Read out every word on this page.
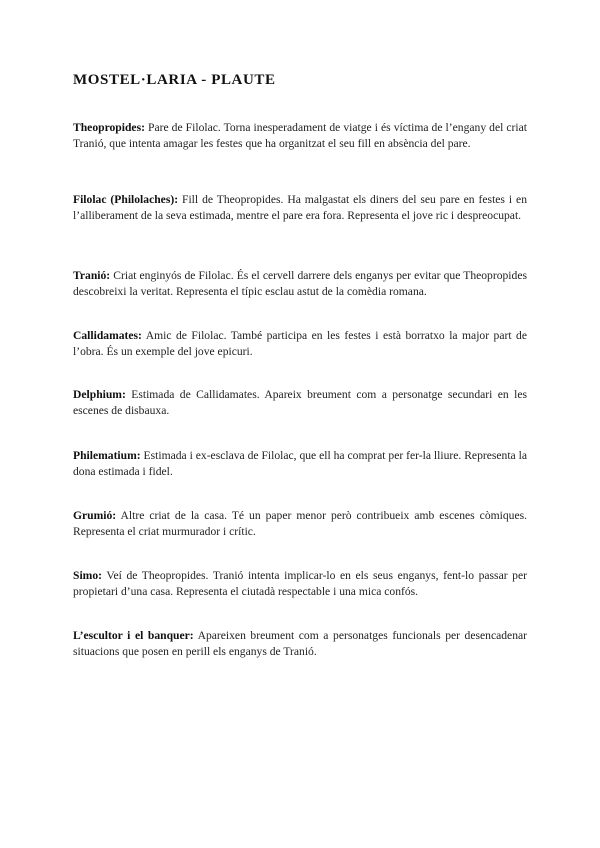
MOSTEL·LARIA - PLAUTE

Theopropides: Pare de Filolac. Torna inesperadament de viatge i és víctima de l’engany del criat Tranió, que intenta amagar les festes que ha organitzat el seu fill en absència del pare.

Filolac (Philolaches): Fill de Theopropides. Ha malgastat els diners del seu pare en festes i en l’alliberament de la seva estimada, mentre el pare era fora. Representa el jove ric i despreocupat.

Tranió: Criat enginyós de Filolac. És el cervell darrere dels enganys per evitar que Theopropides descobreixi la veritat. Representa el típic esclau astut de la comèdia romana.

Callidamates: Amic de Filolac. També participa en les festes i està borratxo la major part de l’obra. És un exemple del jove epicuri.

Delphium: Estimada de Callidamates. Apareix breument com a personatge secundari en les escenes de disbauxa.

Philematium: Estimada i ex-esclava de Filolac, que ell ha comprat per fer-la lliure. Representa la dona estimada i fidel.

Grumió: Altre criat de la casa. Té un paper menor però contribueix amb escenes còmiques. Representa el criat murmurador i crític.

Simo: Veí de Theopropides. Tranió intenta implicar-lo en els seus enganys, fent-lo passar per propietari d’una casa. Representa el ciutadà respectable i una mica confós.

L’escultor i el banquer: Apareixen breument com a personatges funcionals per desencadenar situacions que posen en perill els enganys de Tranió.
